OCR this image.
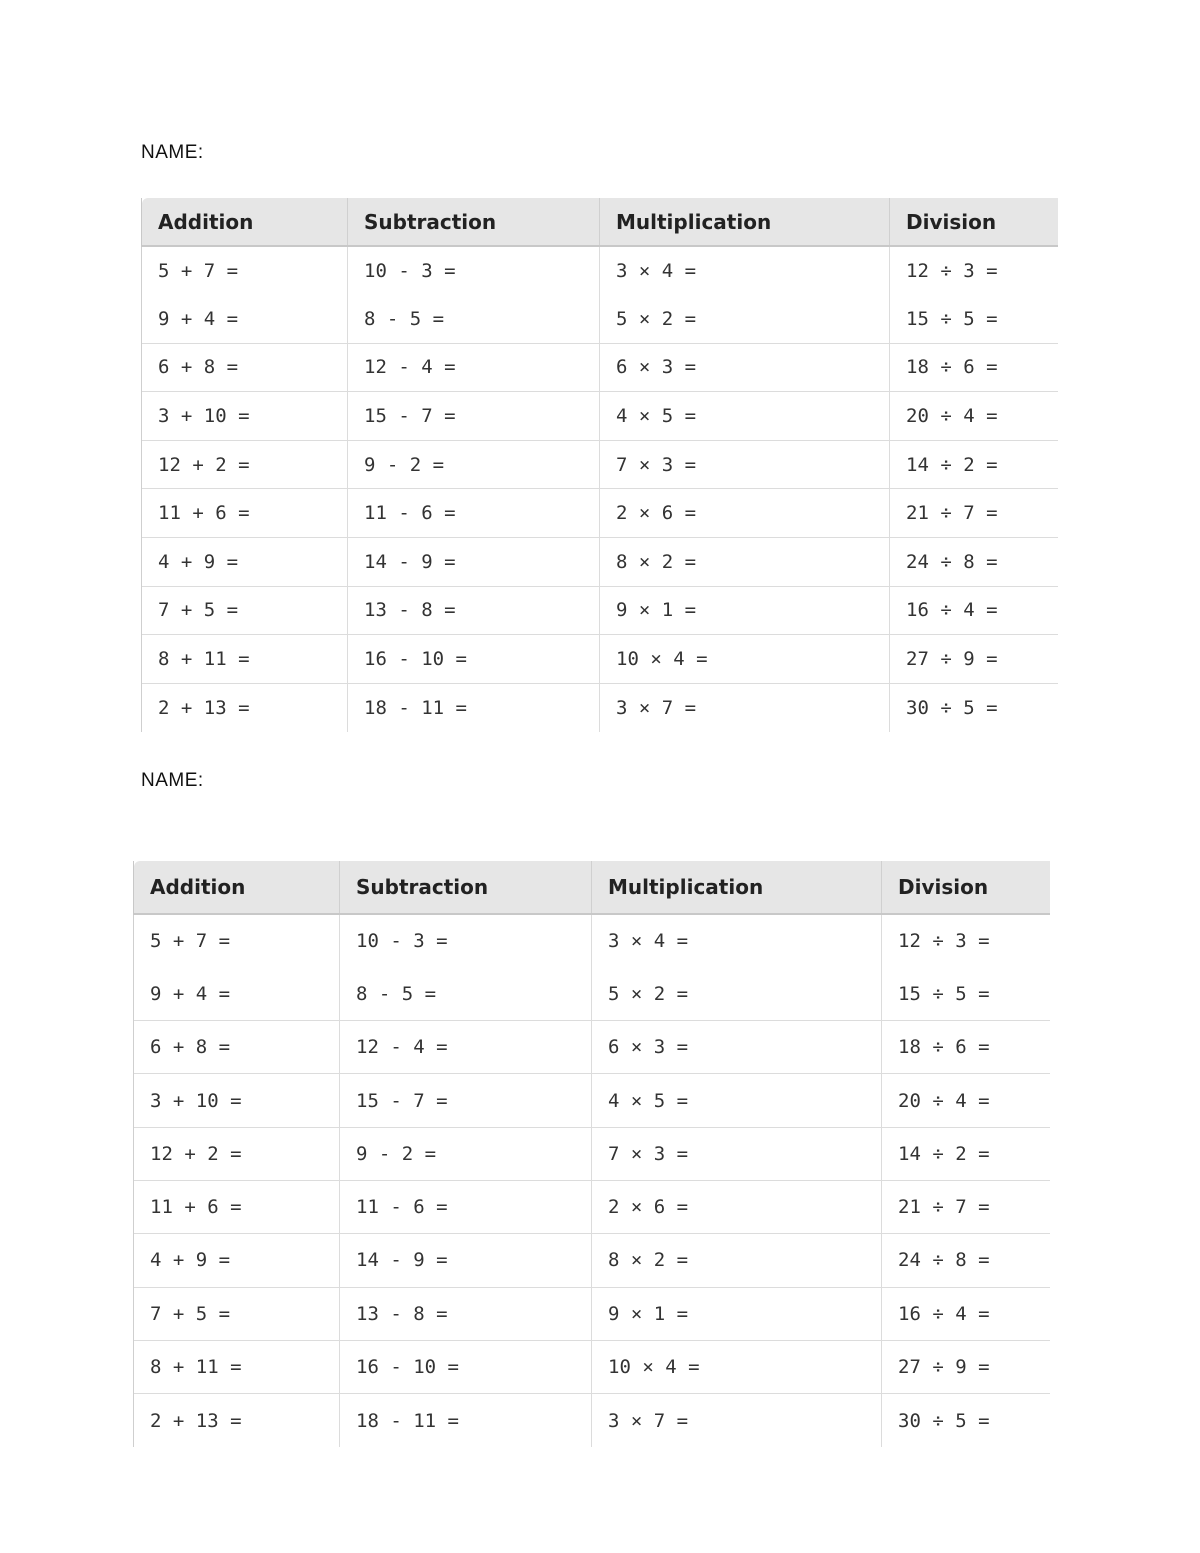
NAME:
Addition	Subtraction	Multiplication	Division
5 + 7 =	10 - 3 =	3 × 4 =	12 ÷ 3 =
9 + 4 =	8 - 5 =	5 × 2 =	15 ÷ 5 =
6 + 8 =	12 - 4 =	6 × 3 =	18 ÷ 6 =
3 + 10 =	15 - 7 =	4 × 5 =	20 ÷ 4 =
12 + 2 =	9 - 2 =	7 × 3 =	14 ÷ 2 =
11 + 6 =	11 - 6 =	2 × 6 =	21 ÷ 7 =
4 + 9 =	14 - 9 =	8 × 2 =	24 ÷ 8 =
7 + 5 =	13 - 8 =	9 × 1 =	16 ÷ 4 =
8 + 11 =	16 - 10 =	10 × 4 =	27 ÷ 9 =
2 + 13 =	18 - 11 =	3 × 7 =	30 ÷ 5 =
NAME:
Addition	Subtraction	Multiplication	Division
5 + 7 =	10 - 3 =	3 × 4 =	12 ÷ 3 =
9 + 4 =	8 - 5 =	5 × 2 =	15 ÷ 5 =
6 + 8 =	12 - 4 =	6 × 3 =	18 ÷ 6 =
3 + 10 =	15 - 7 =	4 × 5 =	20 ÷ 4 =
12 + 2 =	9 - 2 =	7 × 3 =	14 ÷ 2 =
11 + 6 =	11 - 6 =	2 × 6 =	21 ÷ 7 =
4 + 9 =	14 - 9 =	8 × 2 =	24 ÷ 8 =
7 + 5 =	13 - 8 =	9 × 1 =	16 ÷ 4 =
8 + 11 =	16 - 10 =	10 × 4 =	27 ÷ 9 =
2 + 13 =	18 - 11 =	3 × 7 =	30 ÷ 5 =
